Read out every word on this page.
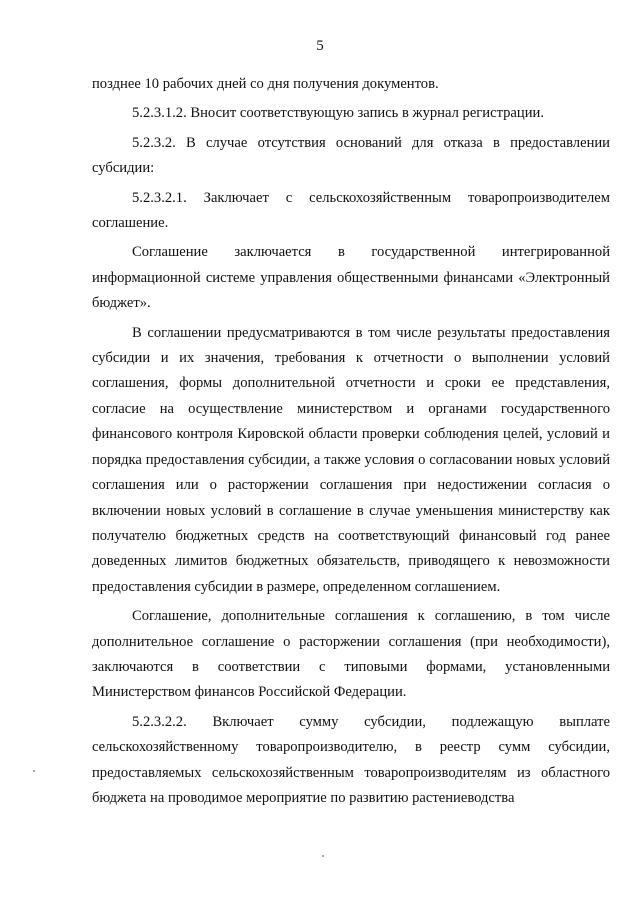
5

позднее 10 рабочих дней со дня получения документов.

5.2.3.1.2. Вносит соответствующую запись в журнал регистрации.

5.2.3.2. В случае отсутствия оснований для отказа в предоставлении субсидии:

5.2.3.2.1. Заключает с сельскохозяйственным товаропроизводителем соглашение.

Соглашение заключается в государственной интегрированной информационной системе управления общественными финансами «Электронный бюджет».

В соглашении предусматриваются в том числе результаты предоставления субсидии и их значения, требования к отчетности о выполнении условий соглашения, формы дополнительной отчетности и сроки ее представления, согласие на осуществление министерством и органами государственного финансового контроля Кировской области проверки соблюдения целей, условий и порядка предоставления субсидии, а также условия о согласовании новых условий соглашения или о расторжении соглашения при недостижении согласия о включении новых условий в соглашение в случае уменьшения министерству как получателю бюджетных средств на соответствующий финансовый год ранее доведенных лимитов бюджетных обязательств, приводящего к невозможности предоставления субсидии в размере, определенном соглашением.

Соглашение, дополнительные соглашения к соглашению, в том числе дополнительное соглашение о расторжении соглашения (при необходимости), заключаются в соответствии с типовыми формами, установленными Министерством финансов Российской Федерации.

5.2.3.2.2. Включает сумму субсидии, подлежащую выплате сельскохозяйственному товаропроизводителю, в реестр сумм субсидии, предоставляемых сельскохозяйственным товаропроизводителям из областного бюджета на проводимое мероприятие по развитию растениеводства
